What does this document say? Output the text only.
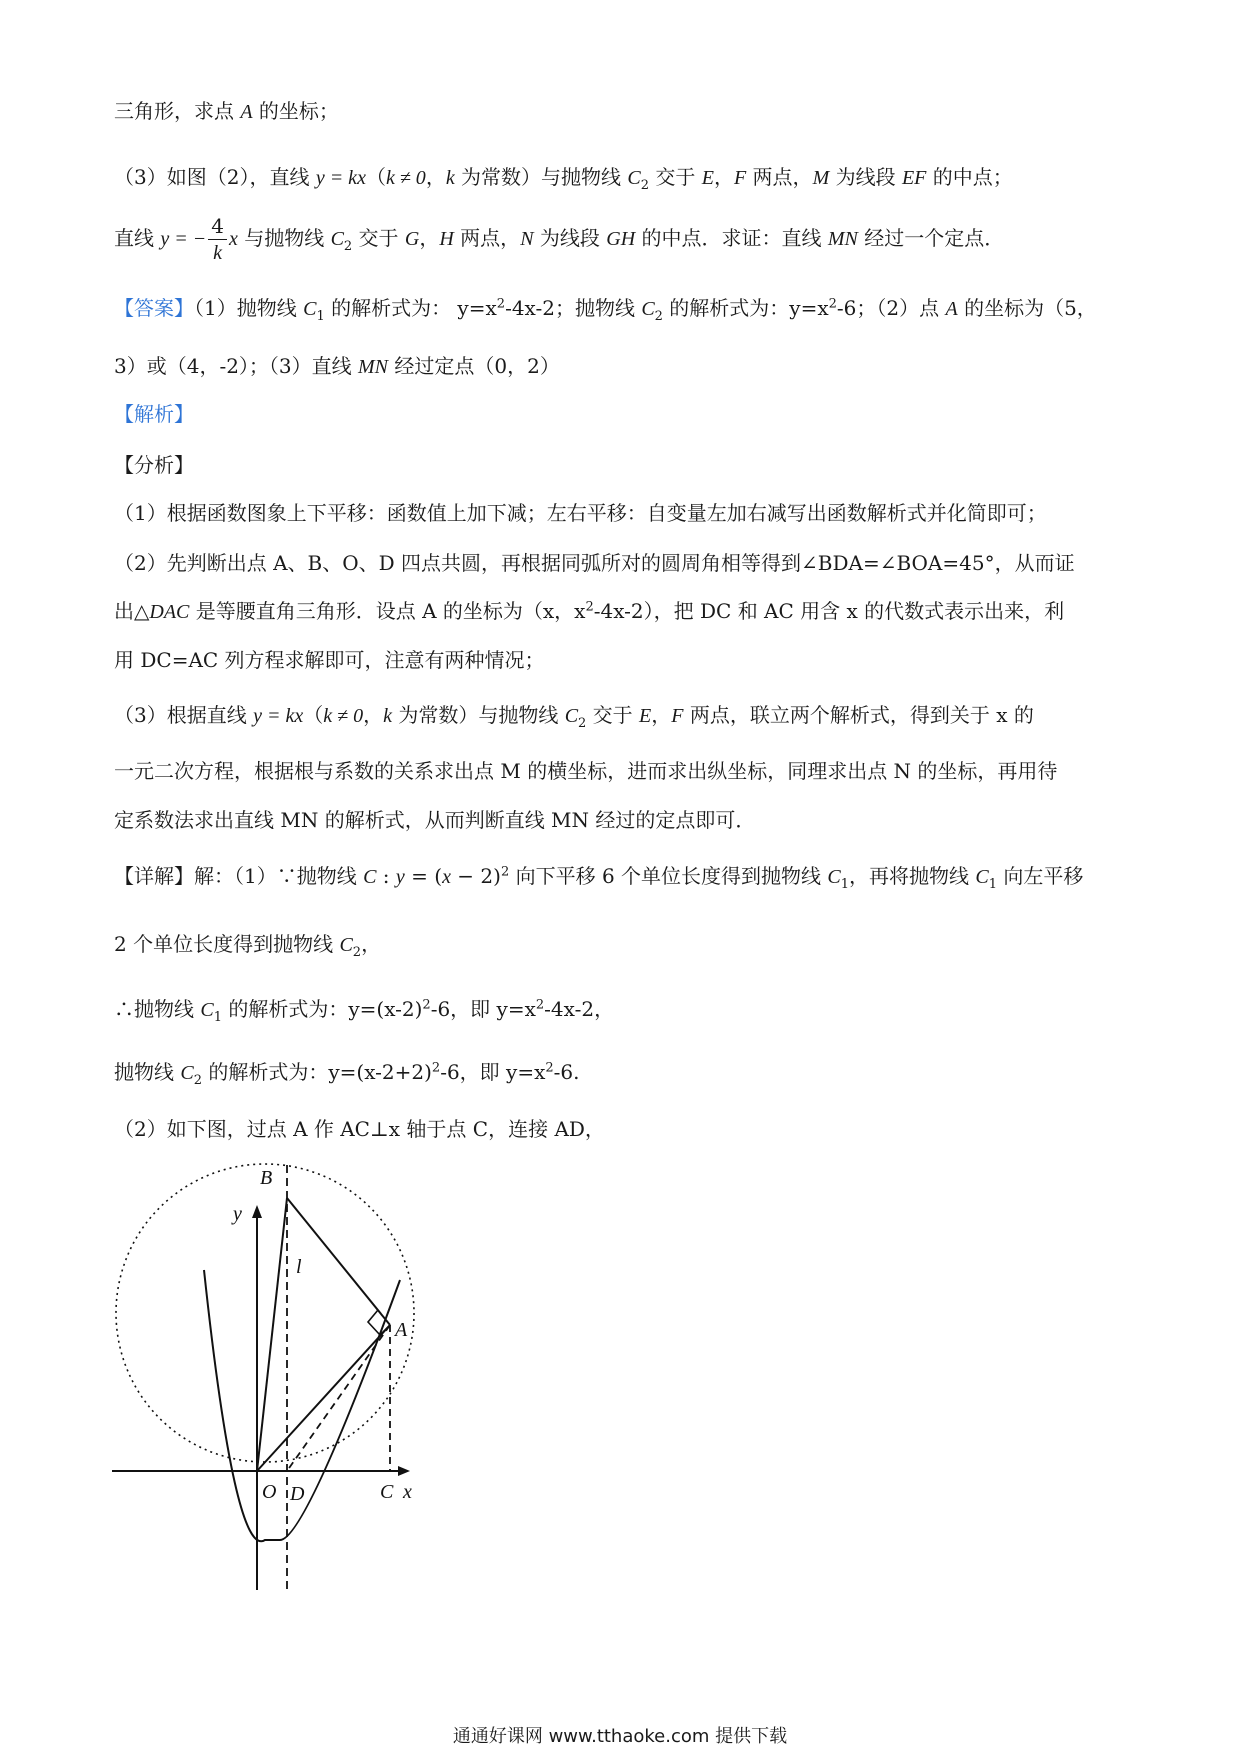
三角形，求点 A 的坐标；
（3）如图（2），直线 y = kx（k ≠ 0，k 为常数）与抛物线 $C_2$ 交于 E，F 两点，M 为线段 EF 的中点；
直线 y = − $\frac{4}{k}$ x 与抛物线 $C_2$ 交于 G，H 两点，N 为线段 GH 的中点．求证：直线 MN 经过一个定点．
【答案】（1）抛物线 $C_1$ 的解析式为： $y=x^2-4x-2$；抛物线 $C_2$ 的解析式为：$y=x^2-6$；（2）点 A 的坐标为（5，
3）或（4，-2）；（3）直线 MN 经过定点（0，2）
【解析】
【分析】
（1）根据函数图象上下平移：函数值上加下减；左右平移：自变量左加右减写出函数解析式并化简即可；
（2）先判断出点 A、B、O、D 四点共圆，再根据同弧所对的圆周角相等得到∠BDA=∠BOA=45°，从而证
出△DAC 是等腰直角三角形．设点 A 的坐标为（x，$x^2-4x-2$），把 DC 和 AC 用含 x 的代数式表示出来，利
用 DC=AC 列方程求解即可，注意有两种情况；
（3）根据直线 y = kx（k ≠ 0，k 为常数）与抛物线 $C_2$ 交于 E，F 两点，联立两个解析式，得到关于 x 的
一元二次方程，根据根与系数的关系求出点 M 的横坐标，进而求出纵坐标，同理求出点 N 的坐标，再用待
定系数法求出直线 MN 的解析式，从而判断直线 MN 经过的定点即可．
【详解】解：（1）∵抛物线 C : $y = (x - 2)^2$ 向下平移 6 个单位长度得到抛物线 $C_1$，再将抛物线 $C_1$ 向左平移
2 个单位长度得到抛物线 $C_2$，
∴抛物线 $C_1$ 的解析式为：$y=(x-2)^2-6$，即 $y=x^2-4x-2$，
抛物线 $C_2$ 的解析式为：$y=(x-2+2)^2-6$，即 $y=x^2-6$.
（2）如下图，过点 A 作 AC⊥x 轴于点 C，连接 AD，
B
y
l
A
O D	C x
通通好课网 www.tthaoke.com 提供下载
